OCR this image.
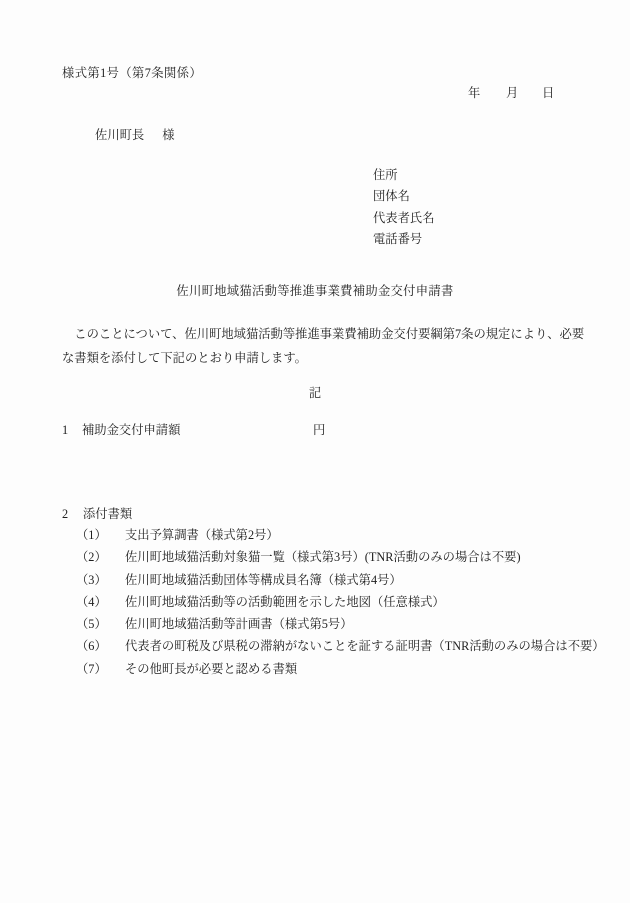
様式第1号（第7条関係）
年 月 日
佐川町長 様
住所
団体名
代表者氏名
電話番号
佐川町地域猫活動等推進事業費補助金交付申請書
このことについて、佐川町地域猫活動等推進事業費補助金交付要綱第7条の規定により、必要
な書類を添付して下記のとおり申請します。
記
1 補助金交付申請額	円
2 添付書類
（1） 支出予算調書（様式第2号）
（2） 佐川町地域猫活動対象猫一覧（様式第3号）(TNR活動のみの場合は不要)
（3） 佐川町地域猫活動団体等構成員名簿（様式第4号）
（4） 佐川町地域猫活動等の活動範囲を示した地図（任意様式）
（5） 佐川町地域猫活動等計画書（様式第5号）
（6） 代表者の町税及び県税の滞納がないことを証する証明書（TNR活動のみの場合は不要）
（7） その他町長が必要と認める書類
